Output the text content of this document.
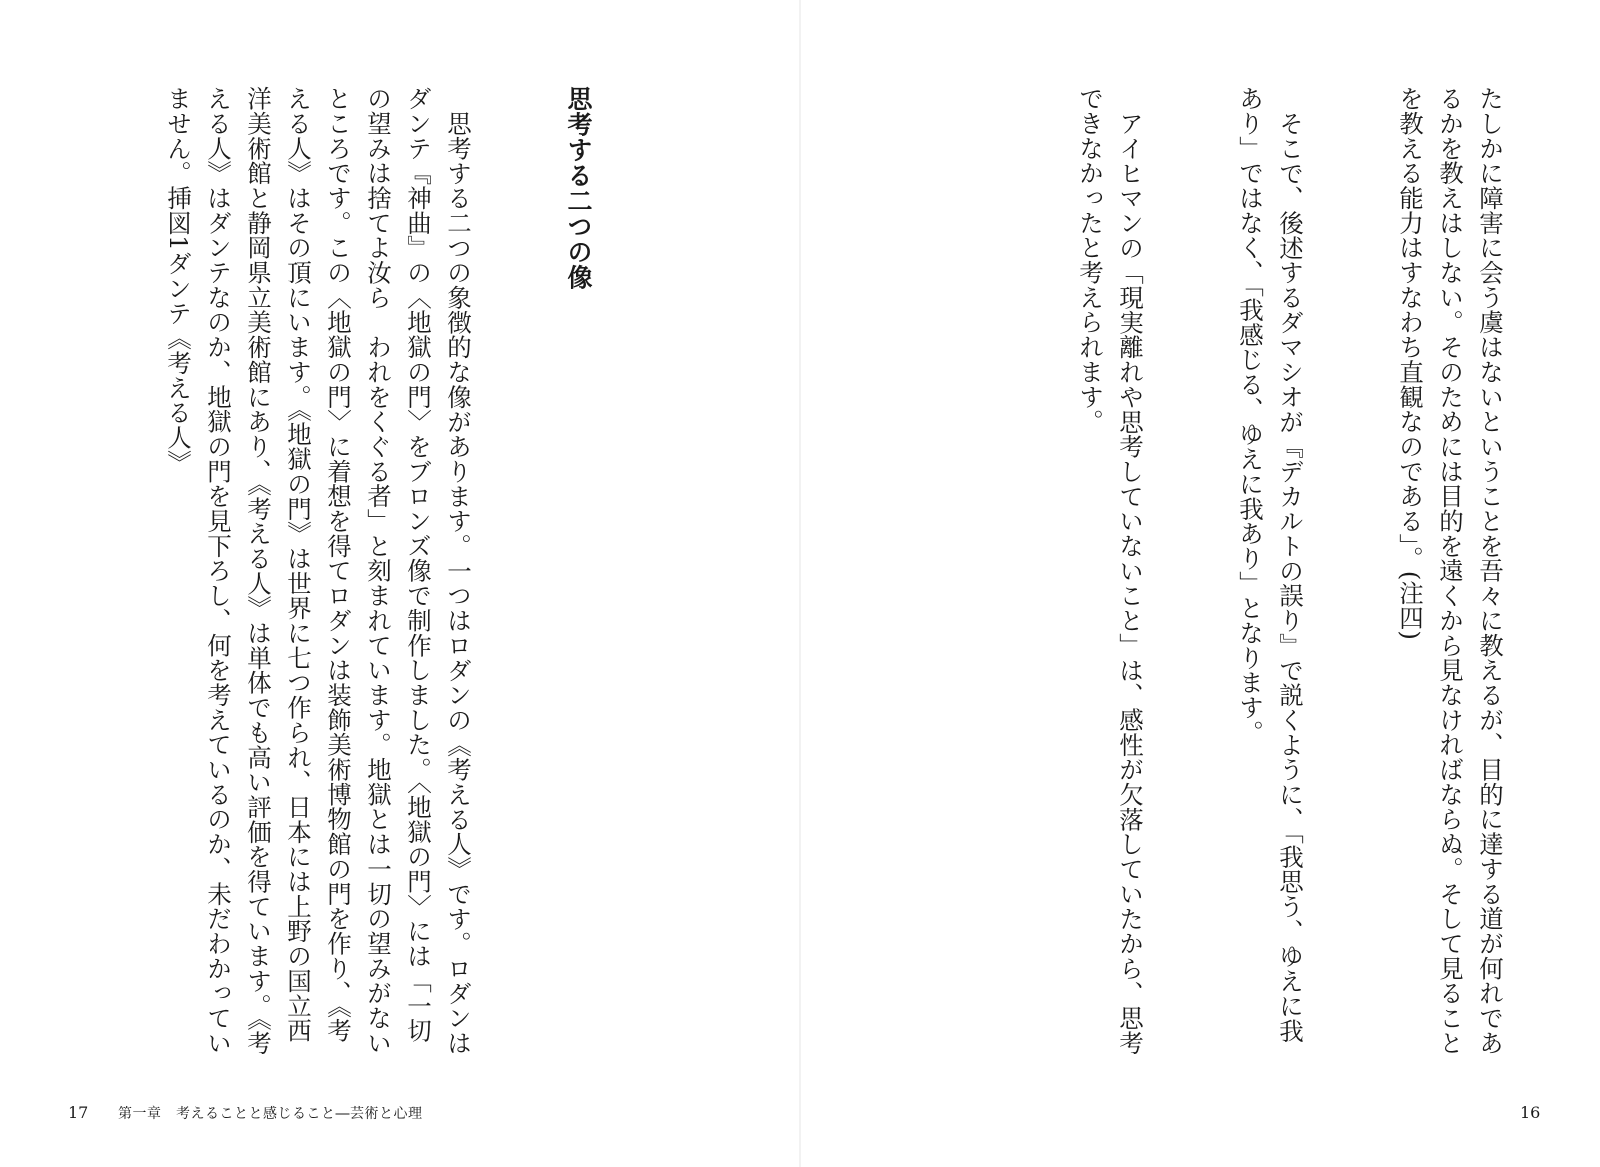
たしかに障害に会う虞はないということを吾々に教えるが、目的に達する道が何れであるかを教えはしない。そのためには目的を遠くから見なければならぬ。そして見ることを教える能力はすなわち直観なのである」。(注四)

そこで、後述するダマシオが『デカルトの誤り』で説くように、「我思う、ゆえに我あり」ではなく、「我感じる、ゆえに我あり」となります。

アイヒマンの「現実離れや思考していないこと」は、感性が欠落していたから、思考できなかったと考えられます。

16

思考する二つの像

思考する二つの象徴的な像があります。一つはロダンの《考える人》です。ロダンはダンテ『神曲』の〈地獄の門〉をブロンズ像で制作しました。〈地獄の門〉には「一切の望みは捨てよ汝ら　われをくぐる者」と刻まれています。地獄とは一切の望みがないところです。この〈地獄の門〉に着想を得てロダンは装飾美術博物館の門を作り、《考える人》はその頂にいます。《地獄の門》は世界に七つ作られ、日本には上野の国立西洋美術館と静岡県立美術館にあり、《考える人》は単体でも高い評価を得ています。《考える人》はダンテなのか、地獄の門を見下ろし、何を考えているのか、未だわかっていません。挿図1ダンテ《考える人》

17 第一章　考えることと感じること―芸術と心理
